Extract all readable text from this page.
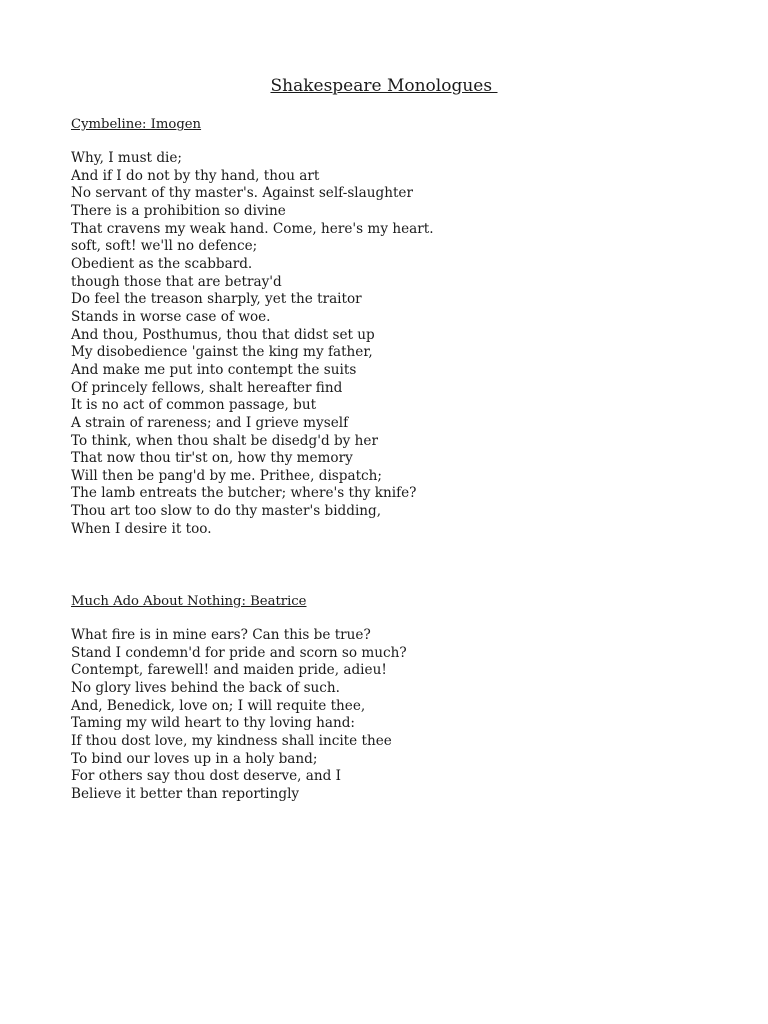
Shakespeare Monologues
Cymbeline: Imogen
Why, I must die;
And if I do not by thy hand, thou art
No servant of thy master's. Against self-slaughter
There is a prohibition so divine
That cravens my weak hand. Come, here's my heart.
soft, soft! we'll no defence;
Obedient as the scabbard.
though those that are betray'd
Do feel the treason sharply, yet the traitor
Stands in worse case of woe.
And thou, Posthumus, thou that didst set up
My disobedience 'gainst the king my father,
And make me put into contempt the suits
Of princely fellows, shalt hereafter find
It is no act of common passage, but
A strain of rareness; and I grieve myself
To think, when thou shalt be disedg'd by her
That now thou tir'st on, how thy memory
Will then be pang'd by me. Prithee, dispatch;
The lamb entreats the butcher; where's thy knife?
Thou art too slow to do thy master's bidding,
When I desire it too.
Much Ado About Nothing: Beatrice
What fire is in mine ears? Can this be true?
Stand I condemn'd for pride and scorn so much?
Contempt, farewell! and maiden pride, adieu!
No glory lives behind the back of such.
And, Benedick, love on; I will requite thee,
Taming my wild heart to thy loving hand:
If thou dost love, my kindness shall incite thee
To bind our loves up in a holy band;
For others say thou dost deserve, and I
Believe it better than reportingly
